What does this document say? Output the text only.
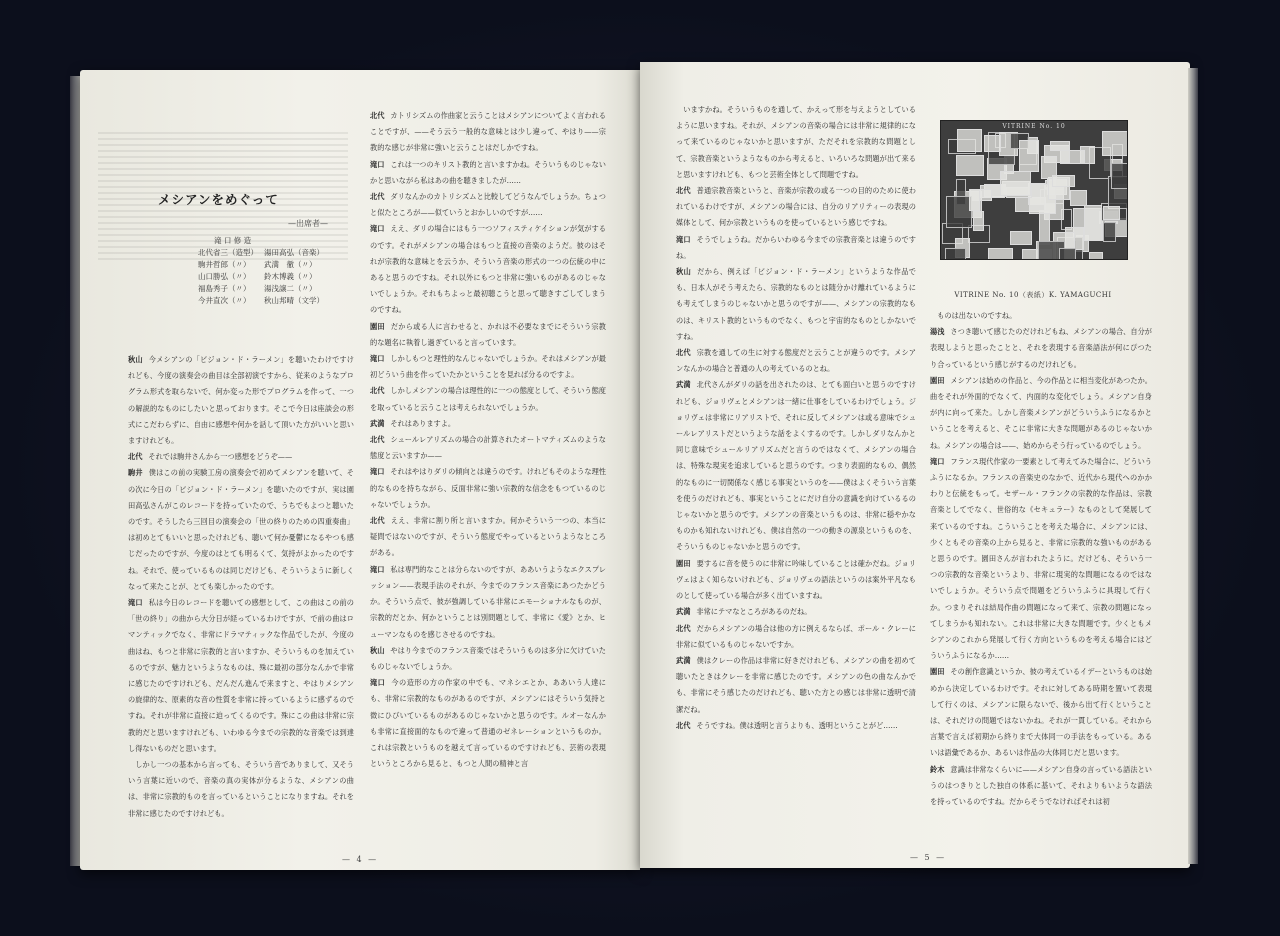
メシアンをめぐって
—出席者—
滝 口 修 造
北代省三（造型） 湯田高弘（音楽）
駒井哲郎（〃） 武満　徹（〃）
山口勝弘（〃） 鈴木博義（〃）
福島秀子（〃） 湯浅譲二（〃）
今井直次（〃） 秋山邦晴（文学）

秋山 今メシアンの「ビジョン・ド・ラーメン」を聴いたわけですけれども、今度の演奏会の曲目は全部初演ですから、従来のようなプログラム形式を取らないで、何か変った形でプログラムを作って、一つの解説的なものにしたいと思っております。そこで今日は座談会の形式にこだわらずに、自由に感想や何かを話して頂いた方がいいと思いますけれども。

北代 それでは駒井さんから一つ感想をどうぞ——

駒井 僕はこの前の実験工房の演奏会で初めてメシアンを聴いて、その次に今日の「ビジョン・ド・ラーメン」を聴いたのですが、実は園田高弘さんがこのレコードを持っていたので、うちでもよつと聴いたのです。そうしたら三回目の演奏会の「世の終りのための四重奏曲」は初めとてもいいと思ったけれども、聴いて何か憂鬱になるやつも感じだったのですが、今度のはとても明るくて、気持がよかったのですね。それで、使っているものは同じだけども、そういうように新しくなって来たことが、とても楽しかったのです。

滝口 私は今日のレコードを聴いての感想として、この曲はこの前の「世の終り」の曲から大分日が経っているわけですが、で前の曲はロマンティックでなく、非常にドラマティックな作品でしたが、今度の曲はね、もつと非常に宗教的と言いますか、そういうものを加えているのですが、魅力というようなものは、殊に最初の部分なんかで非常に感じたのですけれども、だんだん進んで来ますと、やはりメシアンの旋律的な、原素的な音の性質を非常に持っているように感ずるのですね。それが非常に直接に迫ってくるのです。殊にこの曲は非常に宗教的だと思いますけれども、いわゆる今までの宗教的な音楽では到達し得ないものだと思います。

しかし一つの基本から言っても、そういう音でありまして、又そういう言葉に近いので、音楽の真の実体が分るような、メシアンの曲は、非常に宗教的ものを言っているということになりますね。それを非常に感じたのですけれども。

北代 カトリシズムの作曲家と云うことはメシアンについてよく言われることですが、——そう云う一般的な意味とは少し違って、やはり——宗教的な感じが非常に強いと云うことはだしかですね。

滝口 これは一つのキリスト教的と言いますかね。そういうものじゃないかと思いながら私はあの曲を聴きましたが……

北代 ダリなんかのカトリシズムと比較してどうなんでしょうか。ちょつと似たところが——似ていうとおかしいのですが……

滝口 ええ、ダリの場合にはもう一つソフィスティケイションが気がするのです。それがメシアンの場合はもつと直接の音楽のようだ。彼のはそれが宗教的な意味とを云うか、そういう音楽の形式の一つの伝統の中にあると思うのですね。それ以外にもつと非常に強いものがあるのじゃないでしょうか。それもちよっと最初聴こうと思って聴きすごしてしまうのですね。

園田 だから或る人に言わせると、かれは不必要なまでにそういう宗教的な題名に執着し過ぎていると言っています。

滝口 しかしもつと理性的なんじゃないでしょうか。それはメシアンが最初どういう曲を作っていたかということを見れば分るのですよ。

北代 しかしメシアンの場合は理性的に一つの態度として、そういう態度を取っていると云うことは考えられないでしょうか。

武満 それはありますよ。

北代 シュールレアリズムの場合の計算されたオートマティズムのような態度と云いますか——

滝口 それはやはりダリの傾向とは違うのです。けれどもそのような理性的なものを持ちながら、反面非常に強い宗教的な信念をもつているのじゃないでしょうか。

北代 ええ、非常に割り所と言いますか。何かそういう一つの、本当に疑問ではないのですが、そういう態度でやっているというようなところがある。

滝口 私は専門的なことは分らないのですが、ああいうようなエクスプレッション——表現手法のそれが、今までのフランス音楽にあつたかどうか。そういう点で、彼が強調している非常にエモーショナルなものが、宗教的だとか、何かということは別問題として、非常に《愛》とか、ヒューマンなものを感じさせるのですね。

秋山 やはり今までのフランス音楽ではそういうものは多分に欠けていたものじゃないでしょうか。

滝口 今の造形の方の作家の中でも、マネシエとか、ああいう人達にも、非常に宗教的なものがあるのですが、メシアンにはそういう気持と微にひびいているものがあるのじゃないかと思うのです。ルオーなんかも非常に直接面的なもので違って普通のゼネレーションというものか。これは宗教というものを越えて言っているのですけれども、芸術の表現というところから見ると、もつと人間の精神と言

— 4 —

いますかね。そういうものを通して、かえって形を与えようとしているように思いますね。それが、メシアンの音楽の場合には非常に規律的になって来ているのじゃないかと思いますが、ただそれを宗教的な問題として、宗教音楽というようなものから考えると、いろいろな問題が出て来ると思いますけれども、もつと芸術全体として問題ですね。

北代 普通宗教音楽というと、音楽が宗教の或る一つの目的のために使われているわけですが、メシアンの場合には、自分のリアリティーの表現の媒体として、何か宗教というものを使っているという感じですね。

滝口 そうでしょうね。だからいわゆる今までの宗教音楽とは違うのですね。

秋山 だから、例えば「ビジョン・ド・ラーメン」というような作品でも、日本人がそう考えたら、宗教的なものとは随分かけ離れているようにも考えてしまうのじゃないかと思うのですが——、メシアンの宗教的なものは、キリスト教的というものでなく、もつと宇宙的なものとしかないですね。

北代 宗教を通しての生に対する態度だと云うことが違うのです。メシアンなんかの場合と普通の人の考えているのとね。

武満 北代さんがダリの話を出されたのは、とても面白いと思うのですけれども、ジョリヴェとメシアンは一緒に仕事をしているわけでしょう。ジョリヴェは非常にリアリストで、それに反してメシアンは或る意味でシュールレアリストだというような話をよくするのです。しかしダリなんかと同じ意味でシュールリアリズムだと言うのではなくて、メシアンの場合は、特殊な現実を追求していると思うのです。つまり表面的なもの、偶然的なものに一切関係なく感じる事実というのを——僕はよくそういう言葉を使うのだけれども、事実ということにだけ自分の意識を向けているるのじゃないかと思うのです。メシアンの音楽というものは、非常に穏やかなものかも知れないけれども、僕は自然の一つの動きの源泉というものを、そういうものじゃないかと思うのです。

園田 要するに音を使うのに非常に吟味していることは確かだね。ジョリヴェはよく知らないけれども、ジョリヴェの語法というのは案外平凡なものとして使っている場合が多く出ていますね。

武満 非常にテマなところがあるのだね。

北代 だからメシアンの場合は他の方に例えるならば、ポール・クレーに非常に似ているものじゃないですか。

武満 僕はクレーの作品は非常に好きだけれども、メシアンの曲を初めて聴いたときはクレーを非常に感じたのです。メシアンの色の曲なんかでも、非常にそう感じたのだけれども、聴いた方との感じは非常に透明で清潔だね。

北代 そうですね。僕は透明と言うよりも、透明ということがど……

VITRINE No. 10
VITRINE No. 10（表紙）K. YAMAGUCHI

ものは出ないのですね。

湯浅 さつき聴いて感じたのだけれどもね、メシアンの場合、自分が表現しようと思ったことと、それを表現する音楽語法が何にぴつたり合っているという感じがするのだけれども。

園田 メシアンは始めの作品と、今の作品とに相当変化があつたか。曲をそれが外面的でなくて、内面的な変化でしょう。メシアン自身が内に向って来た。しかし音楽メシアンがどういうふうになるかということを考えると、そこに非常に大きな問題があるのじゃないかね。メシアンの場合は——、始めからそう行っているのでしょう。

滝口 フランス現代作家の一要素として考えてみた場合に、どういうふうになるか。フランスの音楽史のなかで、近代から現代へのかかわりと伝統をもって。セザール・フランクの宗教的な作品は、宗教音楽としてでなく、世俗的な《セキュラー》なものとして発展して来ているのですね。こういうことを考えた場合に、メシアンには、少くともその音楽の上から見ると、非常に宗教的な強いものがあると思うのです。園田さんが言われたように。だけども、そういう一つの宗教的な音楽というより、非常に現実的な問題になるのではないでしょうか。そういう点で問題をどういうふうに具現して行くか。つまりそれは結局作曲の問題になって来て、宗教の問題になってしまうかも知れない。これは非常に大きな問題です。少くともメシアンのこれから発展して行く方向というものを考える場合にはどういうふうになるか……

園田 その創作意識というか、彼の考えているイデーというものは始めから決定しているわけです。それに対してある時期を置いて表現して行くのは、メシアンに限らないで、後から出て行くということは、それだけの問題ではないかね。それが一貫している。それから言葉で言えば初期から終りまで大体同一の手法をもっている。あるいは語彙であるか、あるいは作品の大体同じだと思います。

鈴木 意識は非常なくらいに——メシアン自身の言っている語法というのはつきりとした独自の体系に基いて、それよりもいような語法を持っているのですね。だからそうでなければそれは初

— 5 —
